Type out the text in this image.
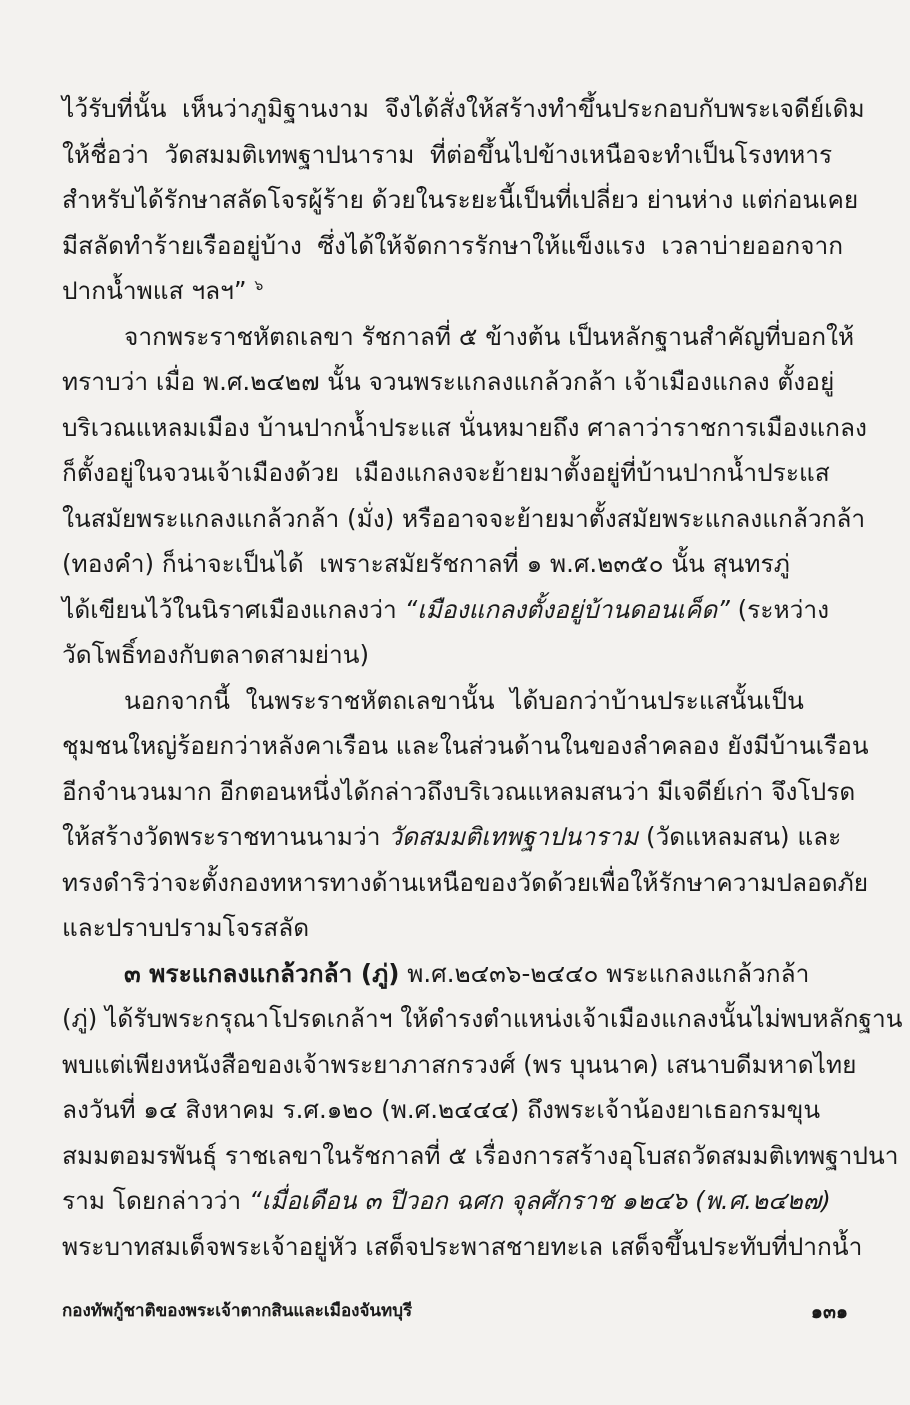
ไว้รับที่นั้น  เห็นว่าภูมิฐานงาม  จึงได้สั่งให้สร้างทำขึ้นประกอบกับพระเจดีย์เดิม
ให้ชื่อว่า  วัดสมมติเทพฐาปนาราม  ที่ต่อขึ้นไปข้างเหนือจะทำเป็นโรงทหาร
สำหรับได้รักษาสลัดโจรผู้ร้าย ด้วยในระยะนี้เป็นที่เปลี่ยว ย่านห่าง แต่ก่อนเคย
มีสลัดทำร้ายเรืออยู่บ้าง  ซึ่งได้ให้จัดการรักษาให้แข็งแรง  เวลาบ่ายออกจาก
ปากน้ำพแส ฯลฯ” $^๖$
จากพระราชหัตถเลขา รัชกาลที่ ๕ ข้างต้น เป็นหลักฐานสำคัญที่บอกให้
ทราบว่า เมื่อ พ.ศ.๒๔๒๗ นั้น จวนพระแกลงแกล้วกล้า เจ้าเมืองแกลง ตั้งอยู่
บริเวณแหลมเมือง บ้านปากน้ำประแส นั่นหมายถึง ศาลาว่าราชการเมืองแกลง
ก็ตั้งอยู่ในจวนเจ้าเมืองด้วย  เมืองแกลงจะย้ายมาตั้งอยู่ที่บ้านปากน้ำประแส
ในสมัยพระแกลงแกล้วกล้า (มั่ง) หรืออาจจะย้ายมาตั้งสมัยพระแกลงแกล้วกล้า
(ทองคำ) ก็น่าจะเป็นได้  เพราะสมัยรัชกาลที่ ๑ พ.ศ.๒๓๕๐ นั้น สุนทรภู่
ได้เขียนไว้ในนิราศเมืองแกลงว่า “เมืองแกลงตั้งอยู่บ้านดอนเค็ด” (ระหว่าง
วัดโพธิ์ทองกับตลาดสามย่าน)
นอกจากนี้  ในพระราชหัตถเลขานั้น  ได้บอกว่าบ้านประแสนั้นเป็น
ชุมชนใหญ่ร้อยกว่าหลังคาเรือน และในส่วนด้านในของลำคลอง ยังมีบ้านเรือน
อีกจำนวนมาก อีกตอนหนึ่งได้กล่าวถึงบริเวณแหลมสนว่า มีเจดีย์เก่า จึงโปรด
ให้สร้างวัดพระราชทานนามว่า วัดสมมติเทพฐาปนาราม (วัดแหลมสน) และ
ทรงดำริว่าจะตั้งกองทหารทางด้านเหนือของวัดด้วยเพื่อให้รักษาความปลอดภัย
และปราบปรามโจรสลัด
๓ พระแกลงแกล้วกล้า (ภู่) พ.ศ.๒๔๓๖-๒๔๔๐ พระแกลงแกล้วกล้า
(ภู่) ได้รับพระกรุณาโปรดเกล้าฯ ให้ดำรงตำแหน่งเจ้าเมืองแกลงนั้นไม่พบหลักฐาน
พบแต่เพียงหนังสือของเจ้าพระยาภาสกรวงศ์ (พร บุนนาค) เสนาบดีมหาดไทย
ลงวันที่ ๑๔ สิงหาคม ร.ศ.๑๒๐ (พ.ศ.๒๔๔๔) ถึงพระเจ้าน้องยาเธอกรมขุน
สมมตอมรพันธุ์ ราชเลขาในรัชกาลที่ ๕ เรื่องการสร้างอุโบสถวัดสมมติเทพฐาปนา
ราม โดยกล่าวว่า “เมื่อเดือน ๓ ปีวอก ฉศก จุลศักราช ๑๒๔๖ (พ.ศ.๒๔๒๗)
พระบาทสมเด็จพระเจ้าอยู่หัว เสด็จประพาสชายทะเล เสด็จขึ้นประทับที่ปากน้ำ
กองทัพกู้ชาติของพระเจ้าตากสินและเมืองจันทบุรี	๑๓๑
